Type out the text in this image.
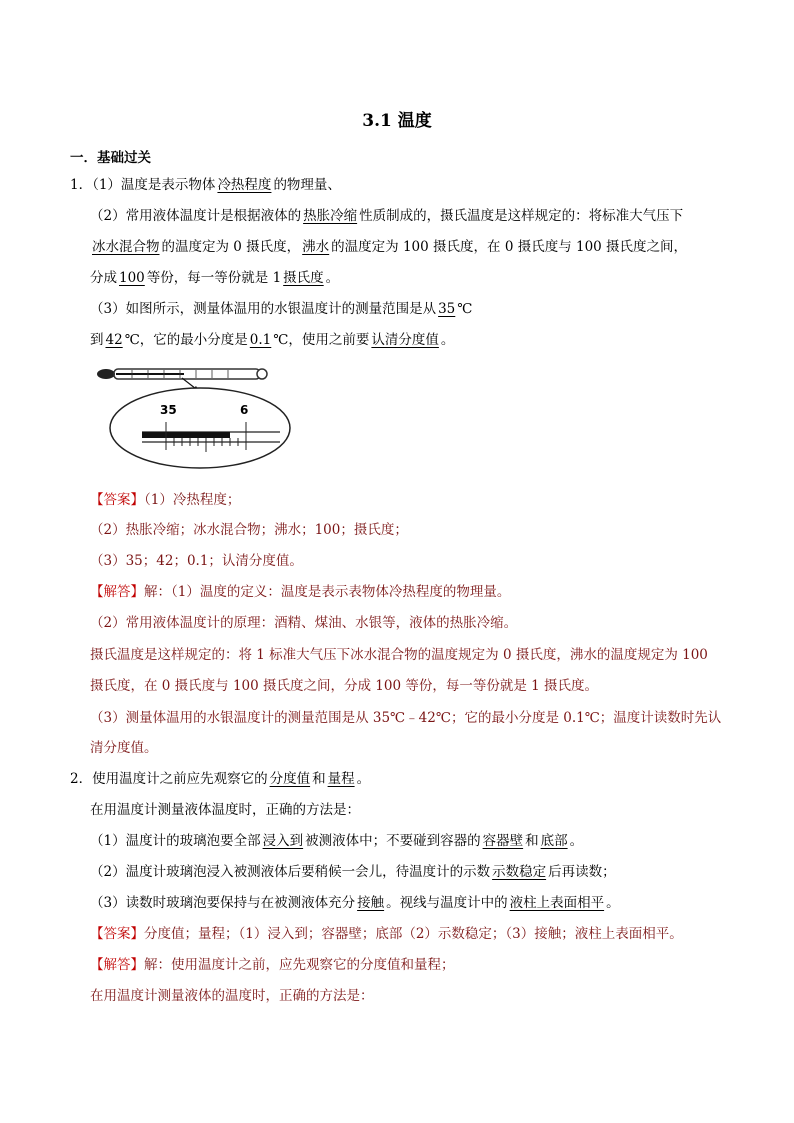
3.1 温度
一．基础过关
1．（1）温度是表示物体 冷热程度 的物理量、
（2）常用液体温度计是根据液体的 热胀冷缩 性质制成的，摄氏温度是这样规定的：将标准大气压下
冰水混合物 的温度定为 0 摄氏度， 沸水 的温度定为 100 摄氏度，在 0 摄氏度与 100 摄氏度之间，
分成 100 等份，每一等份就是 1 摄氏度 。
（3）如图所示，测量体温用的水银温度计的测量范围是从 35 ℃
到 42 ℃，它的最小分度是 0.1 ℃，使用之前要 认清分度值 。
35	6
【答案】（1）冷热程度；
（2）热胀冷缩；冰水混合物；沸水；100；摄氏度；
（3）35；42；0.1；认清分度值。
【解答】解：（1）温度的定义：温度是表示表物体冷热程度的物理量。
（2）常用液体温度计的原理：酒精、煤油、水银等，液体的热胀冷缩。
摄氏温度是这样规定的：将 1 标准大气压下冰水混合物的温度规定为 0 摄氏度，沸水的温度规定为 100
摄氏度，在 0 摄氏度与 100 摄氏度之间，分成 100 等份，每一等份就是 1 摄氏度。
（3）测量体温用的水银温度计的测量范围是从 35℃﹣42℃；它的最小分度是 0.1℃；温度计读数时先认
清分度值。
2．使用温度计之前应先观察它的 分度值 和 量程 。
在用温度计测量液体温度时，正确的方法是：
（1）温度计的玻璃泡要全部 浸入到 被测液体中；不要碰到容器的 容器壁 和 底部 。
（2）温度计玻璃泡浸入被测液体后要稍候一会儿，待温度计的示数 示数稳定 后再读数；
（3）读数时玻璃泡要保持与在被测液体充分 接触 。视线与温度计中的 液柱上表面相平 。
【答案】分度值；量程；（1）浸入到；容器壁；底部（2）示数稳定；（3）接触；液柱上表面相平。
【解答】解：使用温度计之前，应先观察它的分度值和量程；
在用温度计测量液体的温度时，正确的方法是：
